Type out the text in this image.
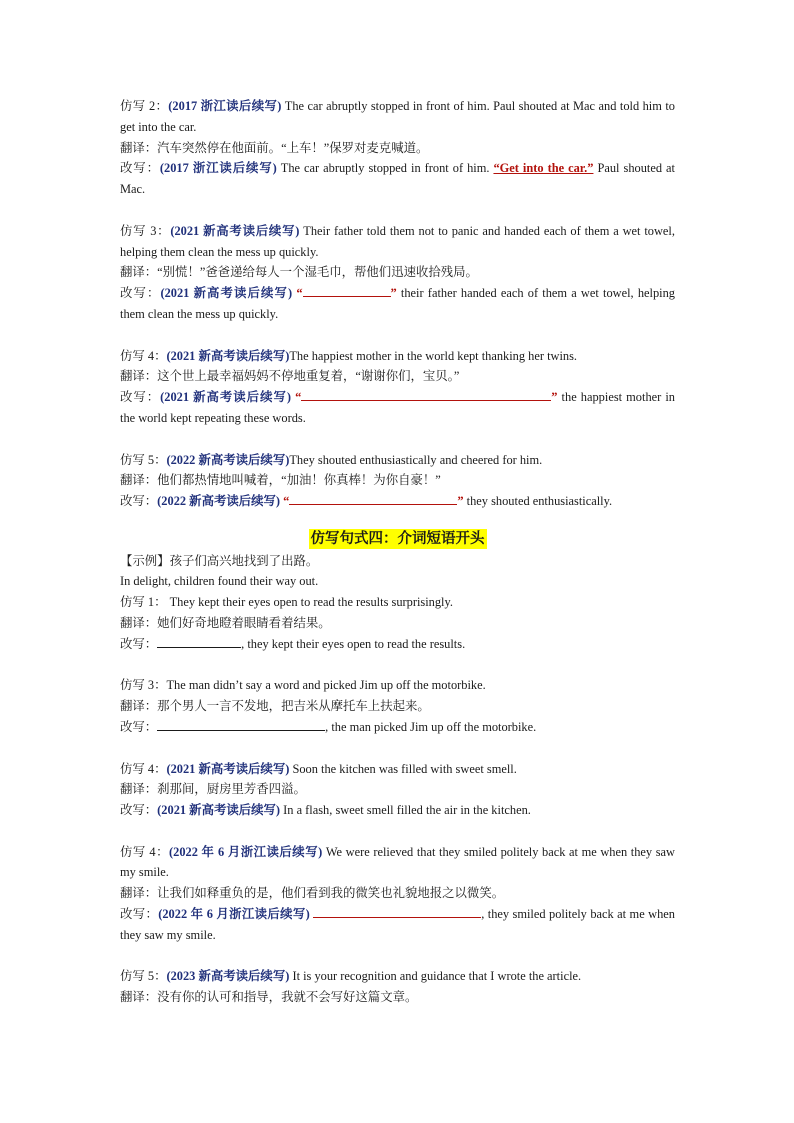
仿写 2：(2017 浙江读后续写) The car abruptly stopped in front of him. Paul shouted at Mac and told him to get into the car.
翻译：汽车突然停在他面前。“上车！”保罗对麦克喊道。
改写：(2017 浙江读后续写) The car abruptly stopped in front of him. “Get into the car.” Paul shouted at Mac.
仿写 3：(2021 新高考读后续写) Their father told them not to panic and handed each of them a wet towel, helping them clean the mess up quickly.
翻译：“别慌！”爸爸递给每人一个湿毛巾，帮他们迅速收拾残局。
改写：(2021 新高考读后续写) “	” their father handed each of them a wet towel, helping them clean the mess up quickly.
仿写 4：(2021 新高考读后续写)The happiest mother in the world kept thanking her twins.
翻译：这个世上最幸福妈妈不停地重复着，“谢谢你们，宝贝。”
改写：(2021 新高考读后续写) “	” the happiest mother in the world kept repeating these words.
仿写 5：(2022 新高考读后续写)They shouted enthusiastically and cheered for him.
翻译：他们都热情地叫喊着，“加油！你真棒！为你自豪！”
改写：(2022 新高考读后续写) “	” they shouted enthusiastically.
仿写句式四：介词短语开头
【示例】孩子们高兴地找到了出路。
In delight, children found their way out.
仿写 1： They kept their eyes open to read the results surprisingly.
翻译：她们好奇地瞪着眼睛看着结果。
改写：	, they kept their eyes open to read the results.
仿写 3：The man didn’t say a word and picked Jim up off the motorbike.
翻译：那个男人一言不发地，把吉米从摩托车上扶起来。
改写：	, the man picked Jim up off the motorbike.
仿写 4：(2021 新高考读后续写) Soon the kitchen was filled with sweet smell.
翻译：刹那间，厨房里芳香四溢。
改写：(2021 新高考读后续写) In a flash, sweet smell filled the air in the kitchen.
仿写 4：(2022 年 6 月浙江读后续写) We were relieved that they smiled politely back at me when they saw my smile.
翻译：让我们如释重负的是，他们看到我的微笑也礼貌地报之以微笑。
改写：(2022 年 6 月浙江读后续写)	, they smiled politely back at me when they saw my smile.
仿写 5：(2023 新高考读后续写) It is your recognition and guidance that I wrote the article.
翻译：没有你的认可和指导，我就不会写好这篇文章。
